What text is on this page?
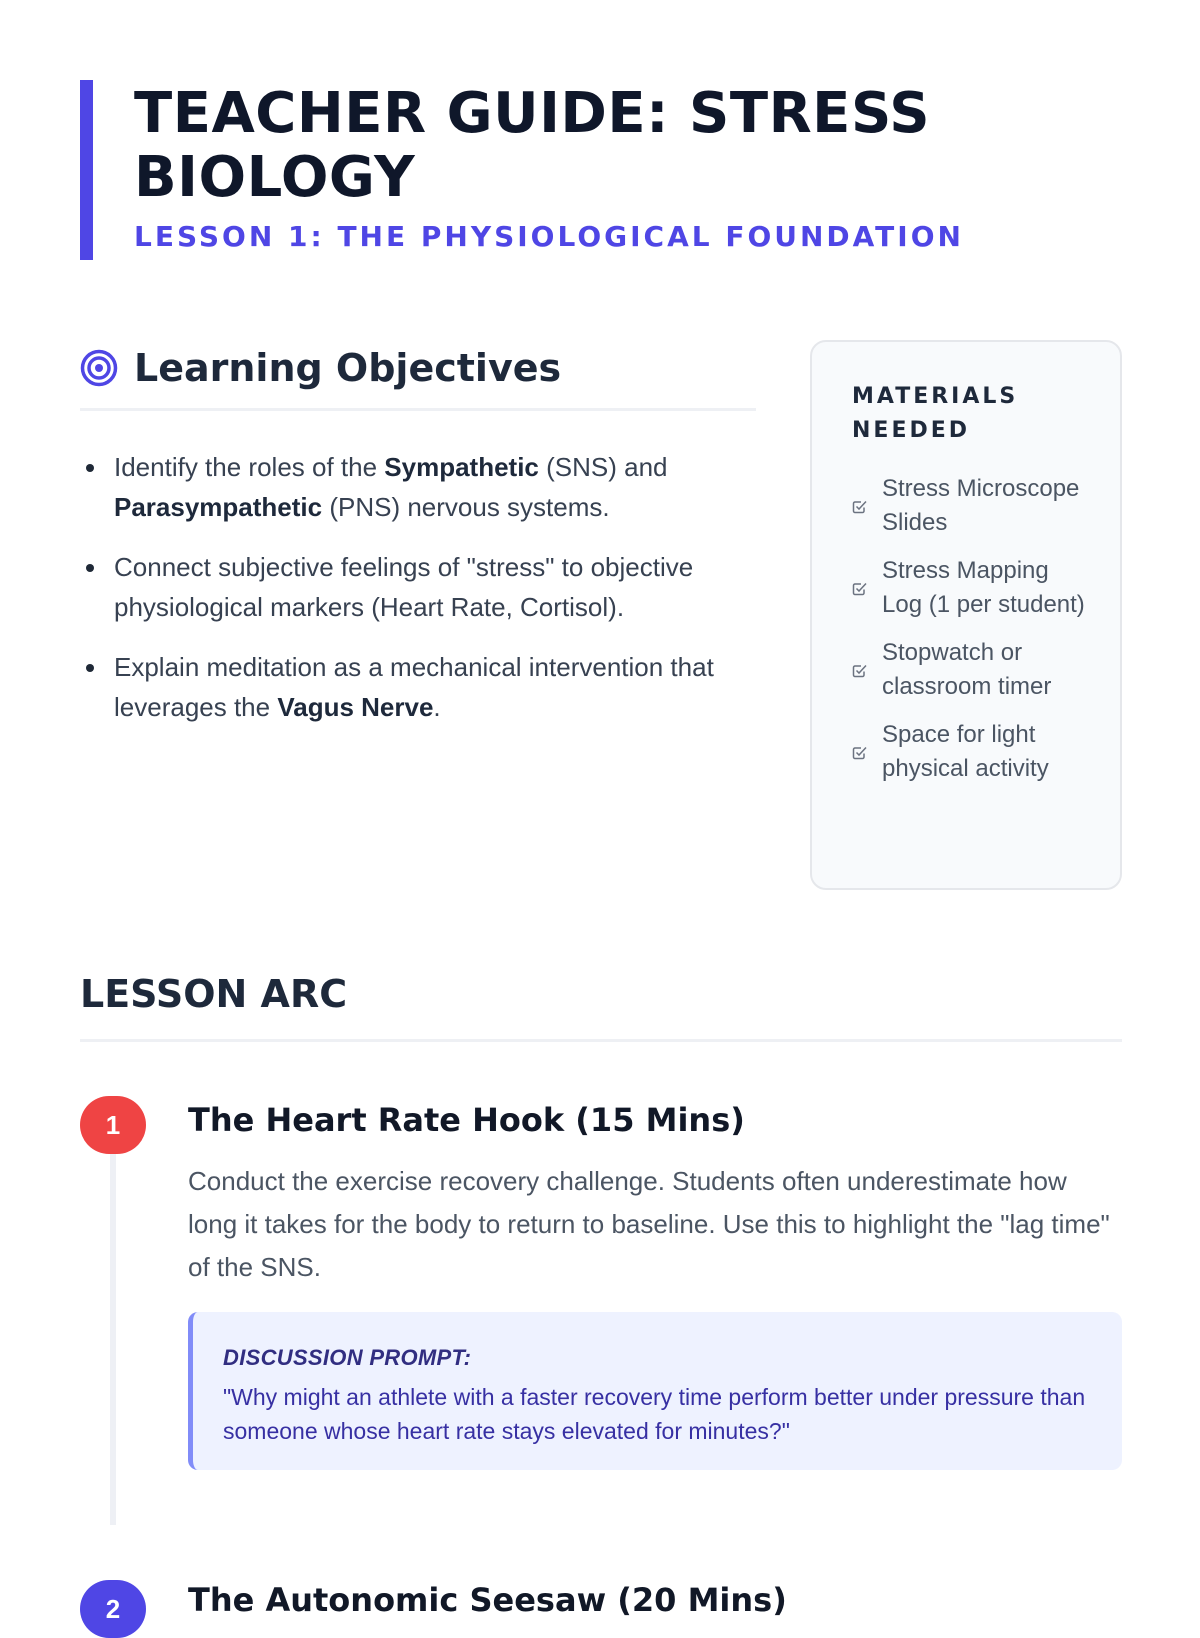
TEACHER GUIDE: STRESS BIOLOGY
LESSON 1: THE PHYSIOLOGICAL FOUNDATION
Learning Objectives
Identify the roles of the Sympathetic (SNS) and Parasympathetic (PNS) nervous systems.
Connect subjective feelings of "stress" to objective physiological markers (Heart Rate, Cortisol).
Explain meditation as a mechanical intervention that leverages the Vagus Nerve.
MATERIALS NEEDED
Stress Microscope Slides
Stress Mapping Log (1 per student)
Stopwatch or classroom timer
Space for light physical activity
LESSON ARC
1	The Heart Rate Hook (15 Mins)

Conduct the exercise recovery challenge. Students often underestimate how long it takes for the body to return to baseline. Use this to highlight the "lag time" of the SNS.

DISCUSSION PROMPT:

"Why might an athlete with a faster recovery time perform better under pressure than someone whose heart rate stays elevated for minutes?"

2	The Autonomic Seesaw (20 Mins)
